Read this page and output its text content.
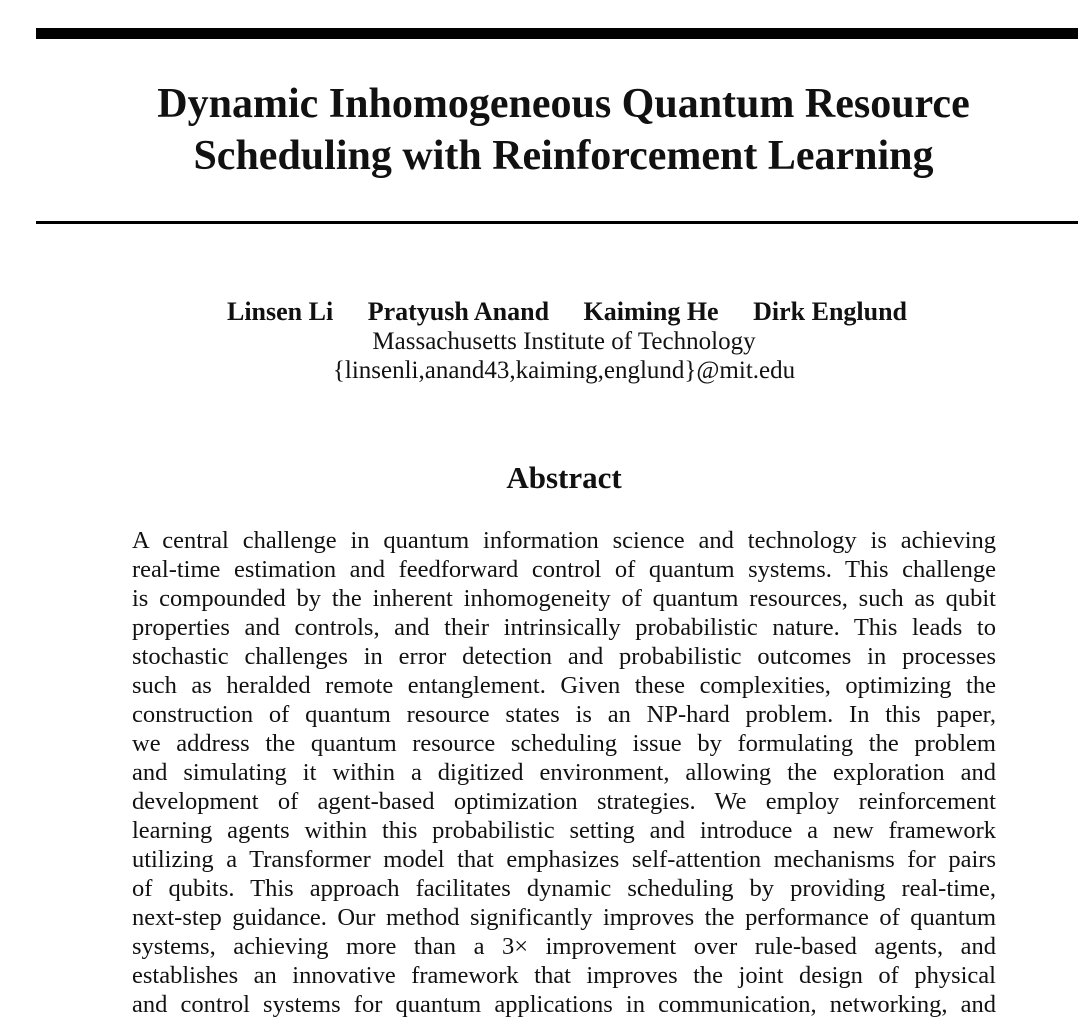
Dynamic Inhomogeneous Quantum Resource
Scheduling with Reinforcement Learning
Linsen Li Pratyush Anand Kaiming He Dirk Englund
Massachusetts Institute of Technology
{linsenli,anand43,kaiming,englund}@mit.edu
Abstract

A central challenge in quantum information science and technology is achieving
real-time estimation and feedforward control of quantum systems. This challenge
is compounded by the inherent inhomogeneity of quantum resources, such as qubit
properties and controls, and their intrinsically probabilistic nature. This leads to
stochastic challenges in error detection and probabilistic outcomes in processes
such as heralded remote entanglement. Given these complexities, optimizing the
construction of quantum resource states is an NP-hard problem. In this paper,
we address the quantum resource scheduling issue by formulating the problem
and simulating it within a digitized environment, allowing the exploration and
development of agent-based optimization strategies. We employ reinforcement
learning agents within this probabilistic setting and introduce a new framework
utilizing a Transformer model that emphasizes self-attention mechanisms for pairs
of qubits. This approach facilitates dynamic scheduling by providing real-time,
next-step guidance. Our method significantly improves the performance of quantum
systems, achieving more than a 3× improvement over rule-based agents, and
establishes an innovative framework that improves the joint design of physical
and control systems for quantum applications in communication, networking, and
